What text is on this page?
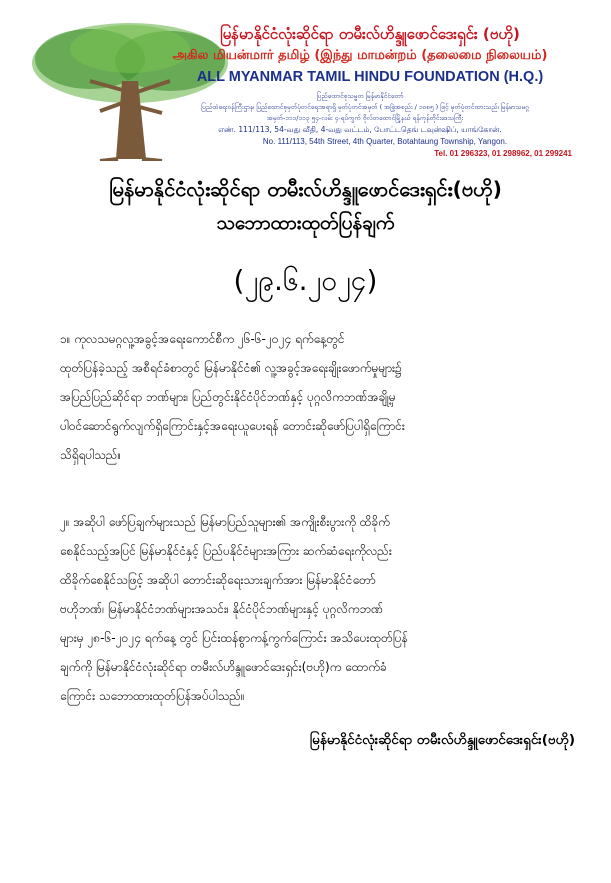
မြန်မာနိုင်ငံလုံးဆိုင်ရာ တမီးလ်ဟိန္ဒူဖောင်ဒေးရှင်း (ဗဟို)
அகில மியன்மார் தமிழ் (இந்து மாமன்றம் (தலைமை நிலையம்)
ALL MYANMAR TAMIL HINDU FOUNDATION (H.Q.)
ပြည်ထောင်စုသမ္မတ မြန်မာနိုင်ငံတော်
ပြည်ထဲရေးဝန်ကြီးဌာန၊ ပြည်ထောင်စုမှတ်ပုံတင်ရေးအရာရှိ မှတ်ပုံတင်အမှတ် ( အဖြဲ့အစည်း / ၁၀၈၅ ) ဖြင့် မှတ်ပုံတင်ထားသည်၊ မြန်မာသမဂ္ဂ
အမှတ်-၁၁၁/၁၁၃ ၅၄-လမ်း ၄-ရပ်ကွက် ဗိုလ်တထောင်မြို့နယ် ရန်ကုန်တိုင်းဒေသကြီး
எண். 111/113, 54-வது வீதி, 4-வது வட்டம், போட்டதெங் டவுன்ஷிப், யாங்கோன்.
No. 111/113, 54th Street, 4th Quarter, Botahtaung Township, Yangon.
Tel. 01 296323, 01 298962, 01 299241
မြန်မာနိုင်ငံလုံးဆိုင်ရာ တမီးလ်ဟိန္ဒူဖောင်ဒေးရှင်း(ဗဟို)
သဘောထားထုတ်ပြန်ချက်
(၂၉.၆.၂၀၂၄)
၁။ ကုလသမဂ္ဂလူ့အခွင့်အရေးကောင်စီက ၂၆-၆-၂၀၂၄ ရက်နေ့တွင်
ထုတ်ပြန်ခဲ့သည့် အစီရင်ခံစာတွင် မြန်မာနိုင်ငံ၏ လူ့အခွင့်အရေးချိုးဖောက်မှုများ၌
အပြည်ပြည်ဆိုင်ရာ ဘဏ်များ၊ ပြည်တွင်းနိုင်ငံပိုင်ဘဏ်နှင့် ပုဂ္ဂလိကဘဏ်အချို့မှ
ပါဝင်ဆောင်ရွက်လျက်ရှိကြောင်းနှင့်အရေးယူပေးရန် တောင်းဆိုဖော်ပြပါရှိကြောင်း
သိရှိရပါသည်။
၂။ အဆိုပါ ဖော်ပြချက်များသည် မြန်မာပြည်သူများ၏ အကျိုးစီးပွားကို ထိခိုက်
စေနိုင်သည့်အပြင် မြန်မာနိုင်ငံနှင့် ပြည်ပနိုင်ငံများအကြား ဆက်ဆံရေးကိုလည်း
ထိခိုက်စေနိုင်သဖြင့် အဆိုပါ တောင်းဆိုရေးသားချက်အား မြန်မာနိုင်ငံတော်
ဗဟိုဘဏ်၊ မြန်မာနိုင်ငံဘဏ်များအသင်း၊ နိုင်ငံပိုင်ဘဏ်များနှင့် ပုဂ္ဂလိကဘဏ်
များမှ ၂၈-၆-၂၀၂၄ ရက်နေ့ တွင် ပြင်းထန်စွာကန့်ကွက်ကြောင်း အသိပေးထုတ်ပြန်
ချက်ကို မြန်မာနိုင်ငံလုံးဆိုင်ရာ တမီးလ်ဟိန္ဒူဖောင်ဒေးရှင်း(ဗဟို)က ထောက်ခံ
ကြောင်း သဘောထားထုတ်ပြန်အပ်ပါသည်။
မြန်မာနိုင်ငံလုံးဆိုင်ရာ တမီးလ်ဟိန္ဒူဖောင်ဒေးရှင်း(ဗဟို)
